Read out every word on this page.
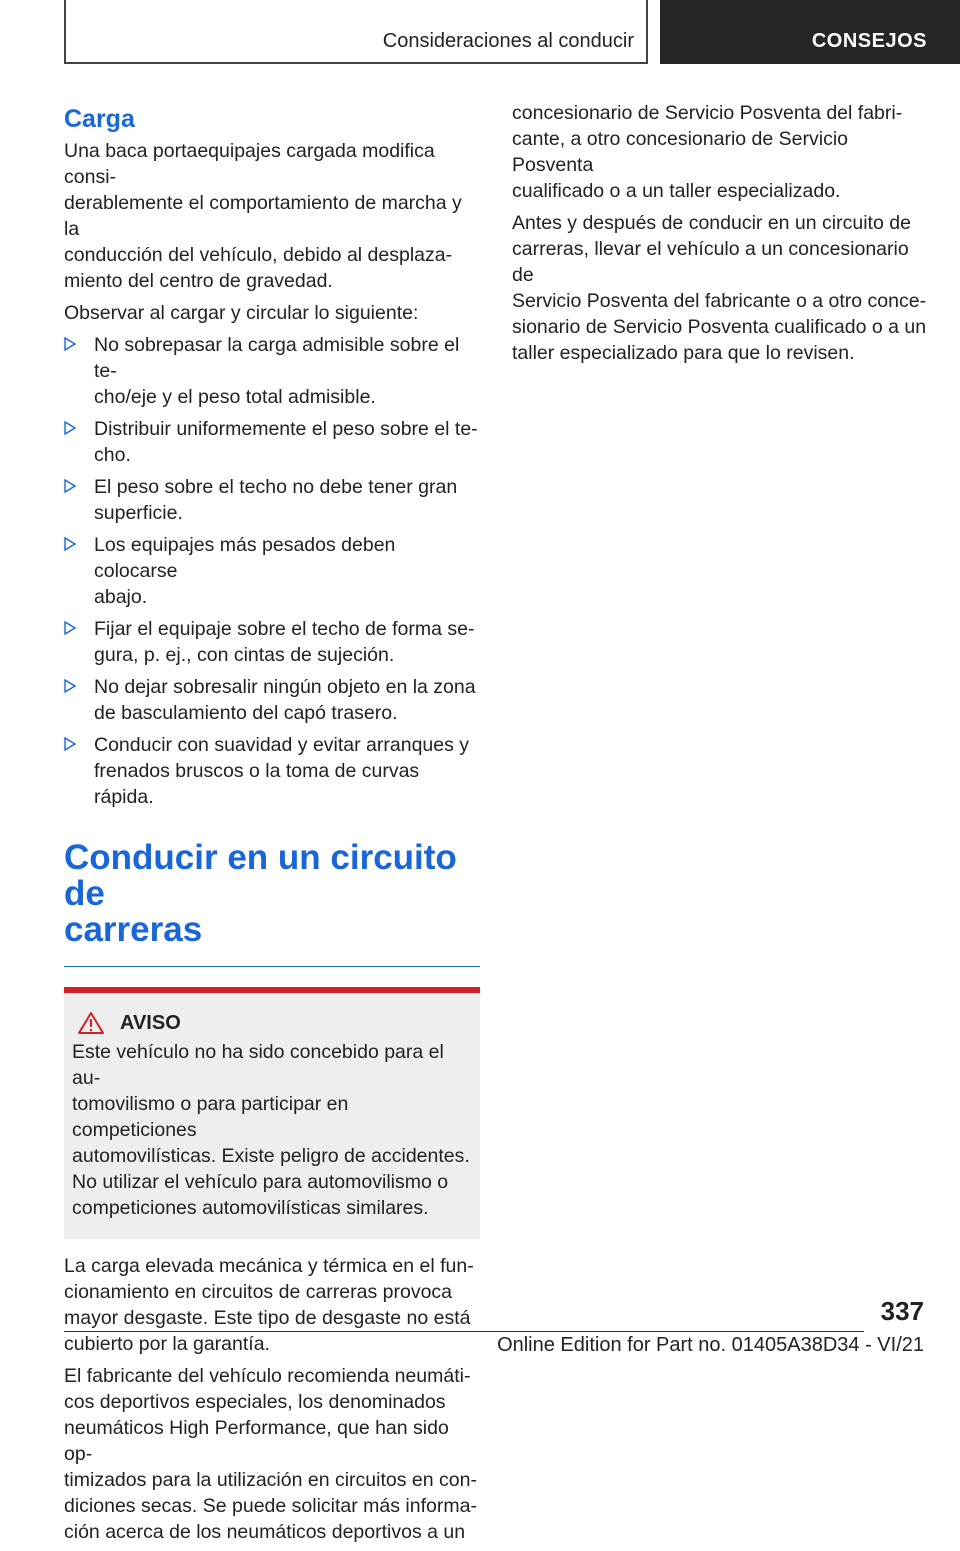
Consideraciones al conducir	CONSEJOS
Carga

Una baca portaequipajes cargada modifica consi-
derablemente el comportamiento de marcha y la
conducción del vehículo, debido al desplaza-
miento del centro de gravedad.

Observar al cargar y circular lo siguiente:

No sobrepasar la carga admisible sobre el te-
cho/eje y el peso total admisible.
Distribuir uniformemente el peso sobre el te-
cho.
El peso sobre el techo no debe tener gran
superficie.
Los equipajes más pesados deben colocarse
abajo.
Fijar el equipaje sobre el techo de forma se-
gura, p. ej., con cintas de sujeción.
No dejar sobresalir ningún objeto en la zona
de basculamiento del capó trasero.
Conducir con suavidad y evitar arranques y
frenados bruscos o la toma de curvas rápida.
Conducir en un circuito de
carreras
AVISO

Este vehículo no ha sido concebido para el au-
tomovilismo o para participar en competiciones
automovilísticas. Existe peligro de accidentes.
No utilizar el vehículo para automovilismo o
competiciones automovilísticas similares.

La carga elevada mecánica y térmica en el fun-
cionamiento en circuitos de carreras provoca
mayor desgaste. Este tipo de desgaste no está
cubierto por la garantía.

El fabricante del vehículo recomienda neumáti-
cos deportivos especiales, los denominados
neumáticos High Performance, que han sido op-
timizados para la utilización en circuitos en con-
diciones secas. Se puede solicitar más informa-
ción acerca de los neumáticos deportivos a un

concesionario de Servicio Posventa del fabri-
cante, a otro concesionario de Servicio Posventa
cualificado o a un taller especializado.

Antes y después de conducir en un circuito de
carreras, llevar el vehículo a un concesionario de
Servicio Posventa del fabricante o a otro conce-
sionario de Servicio Posventa cualificado o a un
taller especializado para que lo revisen.

337
Online Edition for Part no. 01405A38D34 - VI/21
